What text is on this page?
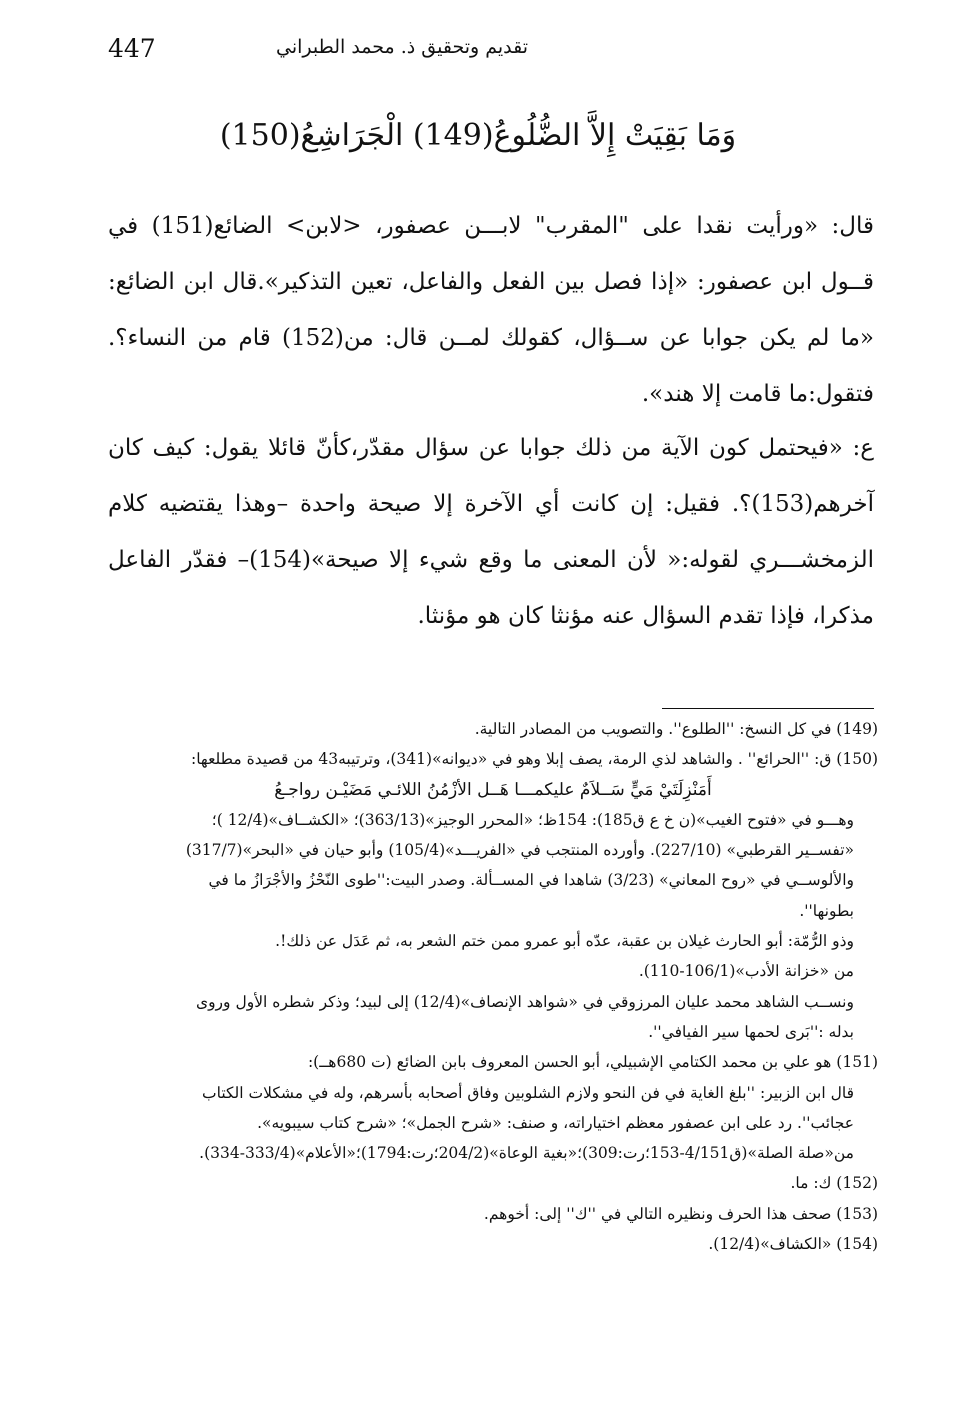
447	تقديم وتحقيق ذ. محمد الطبراني
وَمَا بَقِيَتْ إِلاَّ الضُّلُوعُ(149) الْجَرَاشِعُ(150)
قال: «ورأيت نقدا على "المقرب" لابـــن عصفور، <لابن> الضائع(151) في قــول ابن عصفور: «إذا فصل بين الفعل والفاعل، تعين التذكير».قال ابن الضائع: «ما لم يكن جوابا عن ســؤال، كقولك لمــن قال: من(152) قام من النساء؟. فتقول:ما قامت إلا هند».
ع: «فيحتمل كون الآية من ذلك جوابا عن سؤال مقدّر،كأنّ قائلا يقول: كيف كان آخرهم(153)؟. فقيل: إن كانت أي الآخرة إلا صيحة واحدة –وهذا يقتضيه كلام الزمخشـــري لقوله:« لأن المعنى ما وقع شيء إلا صيحة»(154)– فقدّر الفاعل مذكرا، فإذا تقدم السؤال عنه مؤنثا كان هو مؤنثا.
(149) في كل النسخ: ''الطلوع''. والتصويب من المصادر التالية.
(150) ق: ''الحرائع'' . والشاهد لذي الرمة، يصف إبلا وهو في «ديوانه»(341)، وترتيبه43 من قصيدة مطلعها:
أَمَنْزِلَتَيْ مَيٍّ سَــلاَمٌ عليكمـــا هَــل الأزْمُنُ اللائـي مَضَيْـن رواجـعُ
وهـــو في «فتوح الغيب»(ن خ ع ق185): 154ظ؛ «المحرر الوجيز»(363/13)؛ «الكشــاف»(12/4 )؛
«تفســير القرطبي» (227/10). وأورده المنتجب في «الفريـــد»(105/4) وأبو حيان في «البحر»(317/7)
والألوســي في «روح المعاني» (3/23) شاهدا في المســألة. وصدر البيت:''طوى النّحْزُ والأجْرَازُ ما في
بطونها''.
وذو الرُّمّة: أبو الحارث غيلان بن عقبة، عدّه أبو عمرو ممن ختم الشعر به، ثم عَدَل عن ذلك!.
من «خزانة الأدب»(106/1-110).
ونســب الشاهد محمد عليان المرزوقي في «شواهد الإنصاف»(12/4) إلى لبيد؛ وذكر شطره الأول وروى
بدله :''بَرى لحمها سير الفيافي''.
(151) هو علي بن محمد الكتامي الإشبيلي، أبو الحسن المعروف بابن الضائع (ت 680هــ):
قال ابن الزبير: ''بلغ الغاية في فن النحو ولازم الشلوبين وفاق أصحابه بأسرهم، وله في مشكلات الكتاب
عجائب''. رد على ابن عصفور معظم اختياراته، و صنف: «شرح الجمل»؛ «شرح كتاب سيبويه».
من«صلة الصلة»(ق4/151-153؛رت:309)؛«بغية الوعاة»(204/2؛رت:1794)؛«الأعلام»(333/4-334).
(152) ك: ما.
(153) صحف هذا الحرف ونظيره التالي في ''ك'' إلى: أخوهم.
(154) «الكشاف»(12/4).
